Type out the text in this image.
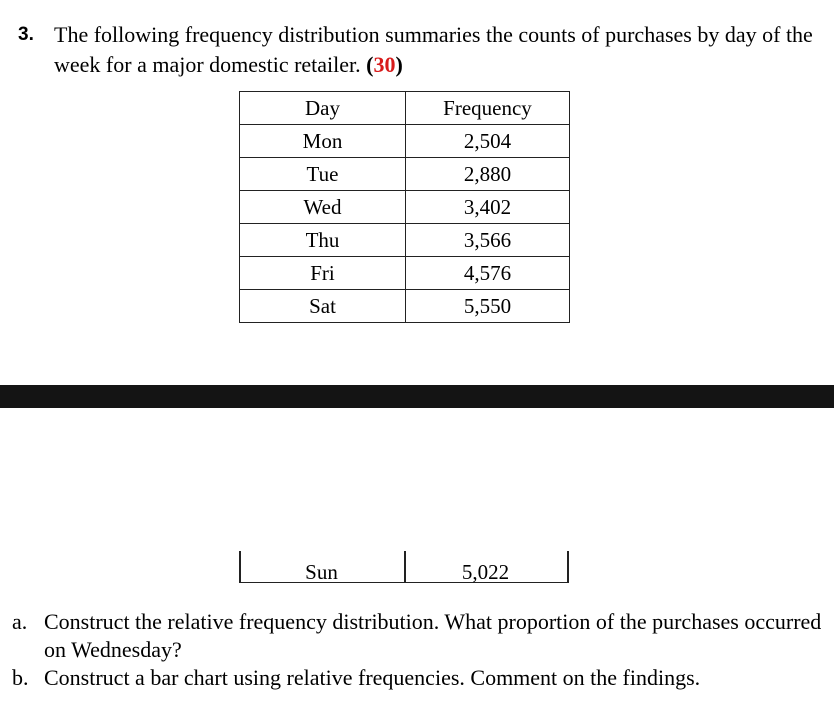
3. The following frequency distribution summaries the counts of purchases by day of the week for a major domestic retailer. (30)
Day	Frequency
Mon	2,504
Tue	2,880
Wed	3,402
Thu	3,566
Fri	4,576
Sat	5,550
Sun	5,022
a. Construct the relative frequency distribution. What proportion of the purchases occurred on Wednesday?
b. Construct a bar chart using relative frequencies. Comment on the findings.
